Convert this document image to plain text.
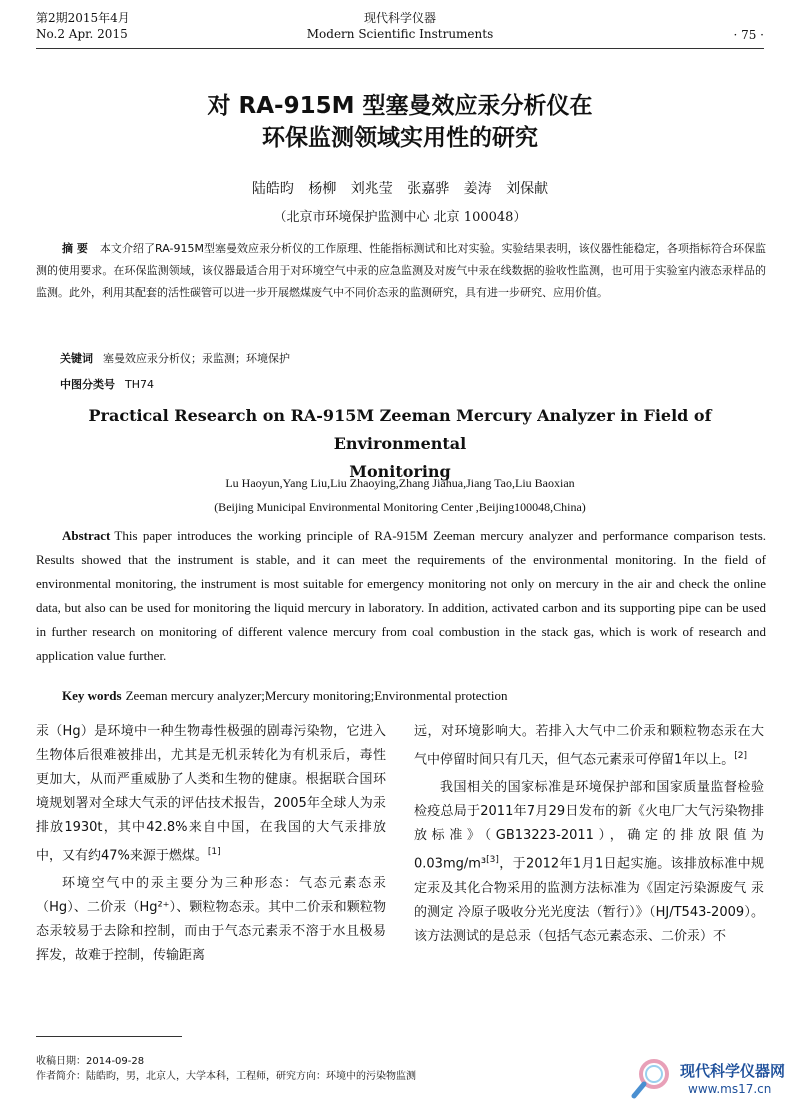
第2期2015年4月
No.2 Apr. 2015
现代科学仪器
Modern Scientific Instruments	· 75 ·
对 RA-915M 型塞曼效应汞分析仪在
环保监测领域实用性的研究
陆皓昀 杨柳 刘兆莹 张嘉骅 姜涛 刘保献
（北京市环境保护监测中心 北京 100048）
摘 要 本文介绍了RA-915M型塞曼效应汞分析仪的工作原理、性能指标测试和比对实验。实验结果表明，该仪器性能稳定，各项指标符合环保监测的使用要求。在环保监测领域，该仪器最适合用于对环境空气中汞的应急监测及对废气中汞在线数据的验收性监测，也可用于实验室内液态汞样品的监测。此外，利用其配套的活性碳管可以进一步开展燃煤废气中不同价态汞的监测研究，具有进一步研究、应用价值。
关键词 塞曼效应汞分析仪；汞监测；环境保护
中图分类号 TH74
Practical Research on RA-915M Zeeman Mercury Analyzer in Field of Environmental
Monitoring
Lu Haoyun,Yang Liu,Liu Zhaoying,Zhang Jiahua,Jiang Tao,Liu Baoxian
(Beijing Municipal Environmental Monitoring Center ,Beijing100048,China)
Abstract This paper introduces the working principle of RA-915M Zeeman mercury analyzer and performance comparison tests. Results showed that the instrument is stable, and it can meet the requirements of the environmental monitoring. In the field of environmental monitoring, the instrument is most suitable for emergency monitoring not only on mercury in the air and check the online data, but also can be used for monitoring the liquid mercury in laboratory. In addition, activated carbon and its supporting pipe can be used in further research on monitoring of different valence mercury from coal combustion in the stack gas, which is work of research and application value further.
Key words Zeeman mercury analyzer;Mercury monitoring;Environmental protection

汞（Hg）是环境中一种生物毒性极强的剧毒污染物，它进入生物体后很难被排出，尤其是无机汞转化为有机汞后，毒性更加大，从而严重威胁了人类和生物的健康。根据联合国环境规划署对全球大气汞的评估技术报告，2005年全球人为汞排放1930t，其中42.8%来自中国，在我国的大气汞排放中，又有约47%来源于燃煤。[1]

环境空气中的汞主要分为三种形态：气态元素态汞（Hg）、二价汞（Hg²⁺）、颗粒物态汞。其中二价汞和颗粒物态汞较易于去除和控制，而由于气态元素汞不溶于水且极易挥发，故难于控制，传输距离

远，对环境影响大。若排入大气中二价汞和颗粒物态汞在大气中停留时间只有几天，但气态元素汞可停留1年以上。[2]

我国相关的国家标准是环境保护部和国家质量监督检验检疫总局于2011年7月29日发布的新《火电厂大气污染物排放标准》（GB13223-2011），确定的排放限值为0.03mg/m³[3]，于2012年1月1日起实施。该排放标准中规定汞及其化合物采用的监测方法标准为《固定污染源废气 汞的测定 冷原子吸收分光光度法（暂行）》（HJ/T543-2009）。该方法测试的是总汞（包括气态元素态汞、二价汞）不

收稿日期：2014-09-28
作者简介：陆皓昀，男，北京人，大学本科，工程师，研究方向：环境中的污染物监测	现代科学仪器网
www.ms17.cn
